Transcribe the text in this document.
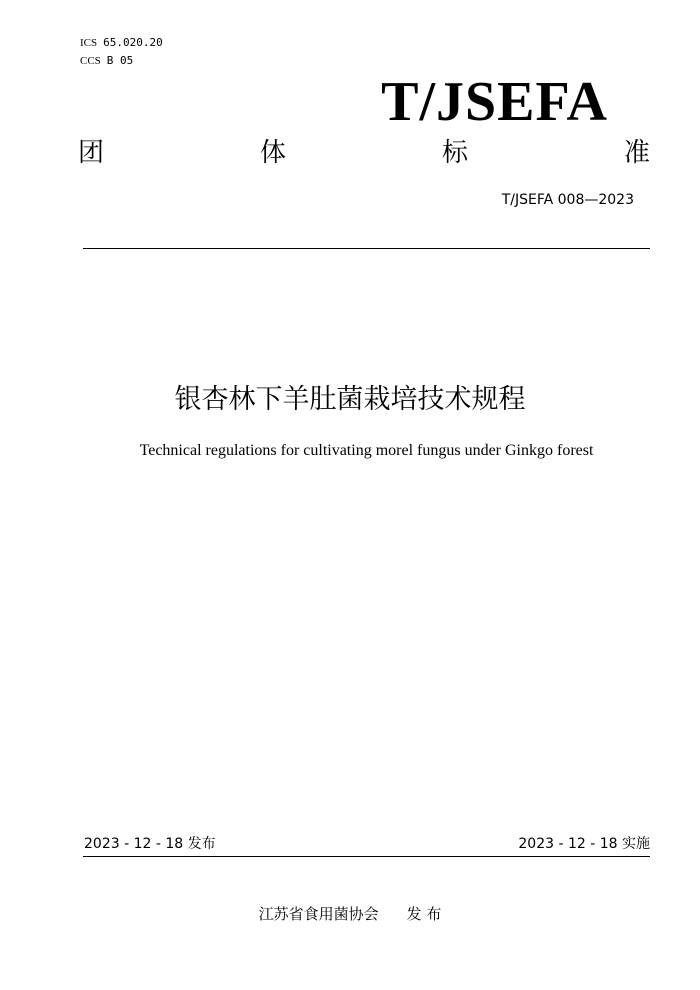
ICS 65.020.20
CCS B 05
T/JSEFA
团	体	标	准
T/JSEFA 008—2023
银杏林下羊肚菌栽培技术规程
Technical regulations for cultivating morel fungus under Ginkgo forest
2023 - 12 - 18 发布	2023 - 12 - 18 实施
江苏省食用菌协会 发 布
